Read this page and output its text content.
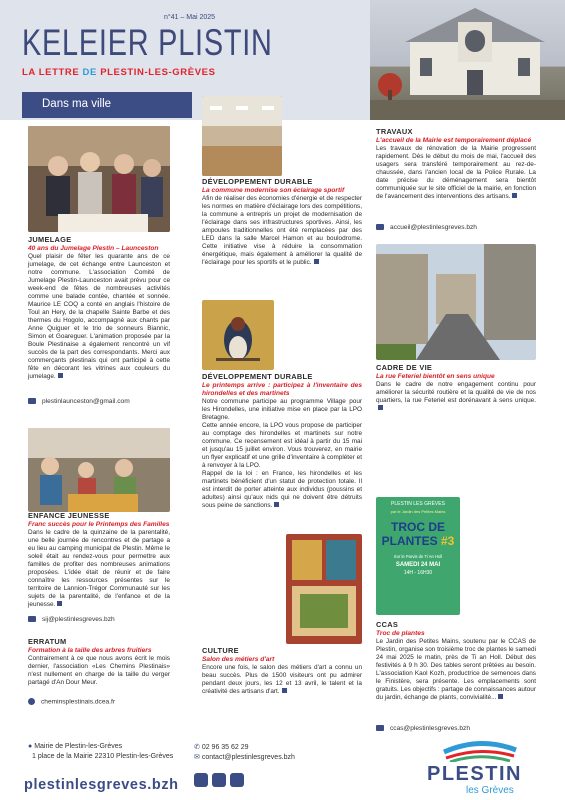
n°41 – Mai 2025
KELEIER PLISTIN
LA LETTRE DE PLESTIN-LES-GRÈVES
Dans ma ville
JUMELAGE
40 ans du Jumelage Plestin – Launceston
Quel plaisir de fêter les quarante ans de ce jumelage, de cet échange entre Launceston et notre commune. L'association Comité de Jumelage Plestin-Launceston avait prévu pour ce week-end de fêtes de nombreuses activités comme une balade contée, chantée et sonnée. Maurice LE COQ a conté en anglais l'histoire de Toul an Hery, de la chapelle Sainte Barbe et des thermes du Hogolo, accompagné aux chants par Anne Quiguer et le trio de sonneurs Biannic, Simon et Goareguer. L'animation proposée par la Boule Plestinaise a également rencontré un vif succès de la part des correspondants. Merci aux commerçants plestinais qui ont participé à cette fête en décorant les vitrines aux couleurs du jumelage.
plestinlaunceston@gmail.com
ENFANCE JEUNESSE
Franc succès pour le Printemps des Familles
Dans le cadre de la quinzaine de la parentalité, une belle journée de rencontres et de partage a eu lieu au camping municipal de Plestin. Même le soleil était au rendez-vous pour permettre aux familles de profiter des nombreuses animations proposées. L'idée était de réunir et de faire connaître les ressources présentes sur le territoire de Lannion-Trégor Communauté sur les sujets de la parentalité, de l'enfance et de la jeunesse.
sij@plestinlesgreves.bzh
ERRATUM
Formation à la taille des arbres fruitiers
Contrairement à ce que nous avons écrit le mois dernier, l'association «Les Chemins Plestinais» n'est nullement en charge de la taille du verger partagé d'An Dour Meur.
cheminsplestinais.dcea.fr
DÉVELOPPEMENT DURABLE
La commune modernise son éclairage sportif
Afin de réaliser des économies d'énergie et de respecter les normes en matière d'éclairage lors des compétitions, la commune a entrepris un projet de modernisation de l'éclairage dans ses infrastructures sportives. Ainsi, les ampoules traditionnelles ont été remplacées par des LED dans la salle Marcel Hamon et au boulodrome. Cette initiative vise à réduire la consommation énergétique, mais également à améliorer la qualité de l'éclairage pour les sportifs et le public.
DÉVELOPPEMENT DURABLE
Le printemps arrive : participez à l'inventaire des hirondelles et des martinets
Notre commune participe au programme Village pour les Hirondelles, une initiative mise en place par la LPO Bretagne.
Cette année encore, la LPO vous propose de participer au comptage des hirondelles et martinets sur notre commune. Ce recensement est idéal à partir du 15 mai et jusqu'au 15 juillet environ. Vous trouverez, en mairie un flyer explicatif et une grille d'inventaire à compléter et à renvoyer à la LPO.
Rappel de la loi : en France, les hirondelles et les martinets bénéficient d'un statut de protection totale. Il est interdit de porter atteinte aux individus (poussins et adultes) ainsi qu'aux nids qui ne doivent être détruits sous peine de sanctions.
CULTURE
Salon des métiers d'art
Encore une fois, le salon des métiers d'art a connu un beau succès. Plus de 1500 visiteurs ont pu admirer pendant deux jours, les 12 et 13 avril, le talent et la créativité des artisans d'art.
TRAVAUX
L'accueil de la Mairie est temporairement déplacé
Les travaux de rénovation de la Mairie progressent rapidement. Dès le début du mois de mai, l'accueil des usagers sera transféré temporairement au rez-de-chaussée, dans l'ancien local de la Police Rurale. La date précise du déménagement sera bientôt communiquée sur le site officiel de la mairie, en fonction de l'avancement des interventions des artisans.
accueil@plestinlesgreves.bzh
CADRE DE VIE
La rue Feteriel bientôt en sens unique
Dans le cadre de notre engagement continu pour améliorer la sécurité routière et la qualité de vie de nos quartiers, la rue Feteriel est dorénavant à sens unique.
PLESTIN LES GRÈVES
par le Jardin des Petites Mains
TROC DE
PLANTES #3
Sur le Parvis de Ti An Holl
SAMEDI 24 MAI
14H - 16H30
CCAS
Troc de plantes
Le Jardin des Petites Mains, soutenu par le CCAS de Plestin, organise son troisième troc de plantes le samedi 24 mai 2025 le matin, près de Ti an Holl. Début des festivités à 9 h 30. Des tables seront prêtées au besoin. L'association Kaol Kozh, productrice de semences dans le Finistère, sera présente. Les emplacements sont gratuits. Les objectifs : partage de connaissances autour du jardin, échange de plants, convivialité...
ccas@plestinlesgreves.bzh
● Mairie de Plestin-les-Grèves
1 place de la Mairie 22310 Plestin-les-Grèves
✆ 02 96 35 62 29
✉ contact@plestinlesgreves.bzh
plestinlesgreves.bzh	PLESTIN
les Grèves
